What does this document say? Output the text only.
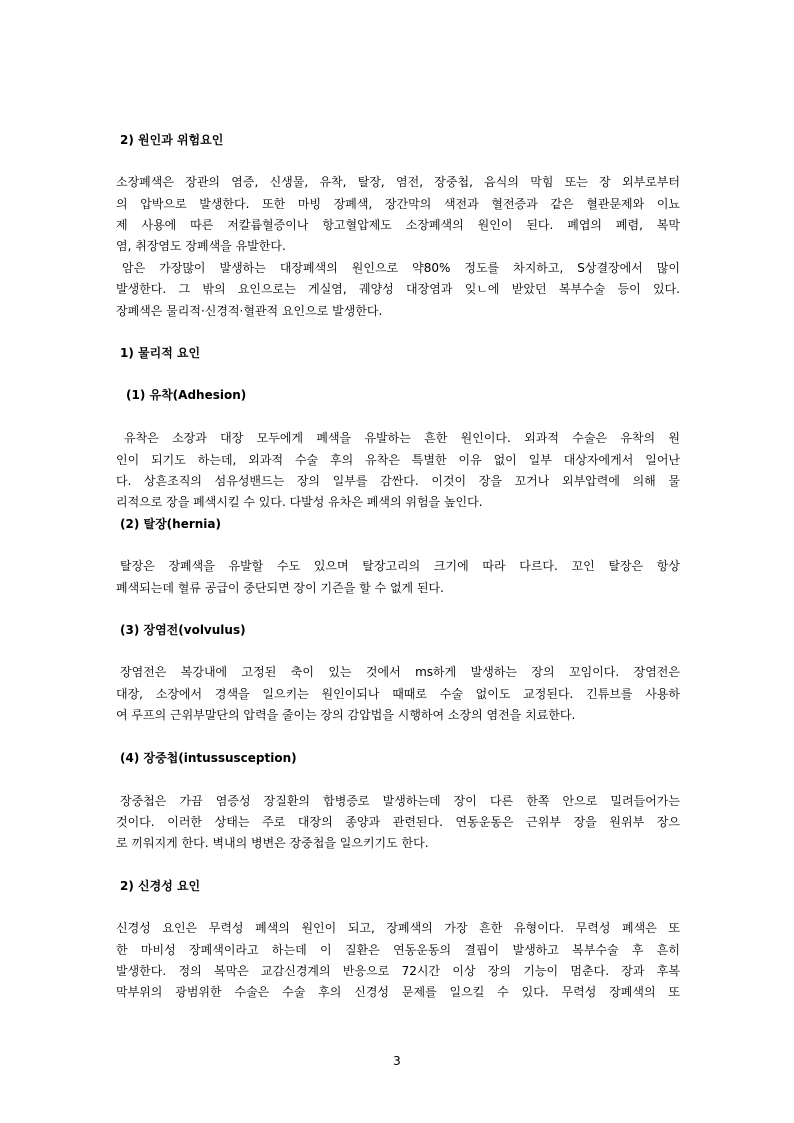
2) 원인과 위험요인
소장폐색은 장관의 염증, 신생물, 유착, 탈장, 염전, 장중첩, 음식의 막힘 또는 장 외부로부터
의 압박으로 발생한다. 또한 마빙 장폐색, 장간막의 색전과 혈전증과 같은 혈관문제와 이뇨
제 사용에 따른 저칼륨혈증이나 항고혈압제도 소장폐색의 원인이 된다. 폐엽의 폐렴, 복막
염, 취장염도 장폐색을 유발한다.
암은 가장많이 발생하는 대장폐색의 원인으로 약80% 정도를 차지하고, S상결장에서 많이
발생한다. 그 밖의 요인으로는 게실염, 궤양성 대장염과 잊ㄴ에 받았던 복부수술 등이 있다.
장폐색은 물리적·신경적·혈관적 요인으로 발생한다.
1) 물리적 요인
(1) 유착(Adhesion)
유착은 소장과 대장 모두에게 폐색을 유발하는 흔한 원인이다. 외과적 수술은 유착의 원
인이 되기도 하는데, 외과적 수술 후의 유착은 특별한 이유 없이 일부 대상자에게서 일어난
다. 상흔조직의 섬유성밴드는 장의 일부를 감싼다. 이것이 장을 꼬거나 외부압력에 의해 물
리적으로 장을 폐색시킬 수 있다. 다발성 유차은 폐색의 위험을 높인다.
(2) 탈장(hernia)
탈장은 장폐색을 유발할 수도 있으며 탈장고리의 크기에 따라 다르다. 꼬인 탈장은 항상
폐색되는데 혈류 공급이 중단되면 장이 기즌을 할 수 없게 된다.
(3) 장염전(volvulus)
장염전은 복강내에 고정된 축이 있는 것에서 ms하게 발생하는 장의 꼬임이다. 장염전은
대장, 소장에서 경색을 일으키는 원인이되나 때때로 수술 없이도 교정된다. 긴튜브를 사용하
여 루프의 근위부말단의 압력을 줄이는 장의 감압법을 시행하여 소장의 염전을 치료한다.
(4) 장중첩(intussusception)
장중첩은 가끔 염증성 장질환의 합병증로 발생하는데 장이 다른 한쪽 안으로 밀려들어가는
것이다. 이러한 상태는 주로 대장의 종양과 관련된다. 연동운동은 근위부 장을 원위부 장으
로 끼워지게 한다. 벽내의 병변은 장중첩을 일으키기도 한다.
2) 신경성 요인
신경성 요인은 무력성 폐색의 원인이 되고, 장폐색의 가장 흔한 유형이다. 무력성 폐색은 또
한 마비성 장폐색이라고 하는데 이 질환은 연동운동의 결핍이 발생하고 복부수술 후 흔히
발생한다. 정의 복막은 교감신경계의 반응으로 72시간 이상 장의 기능이 멈춘다. 장과 후복
막부위의 광범위한 수술은 수술 후의 신경성 문제를 일으킬 수 있다. 무력성 장폐색의 또
3
